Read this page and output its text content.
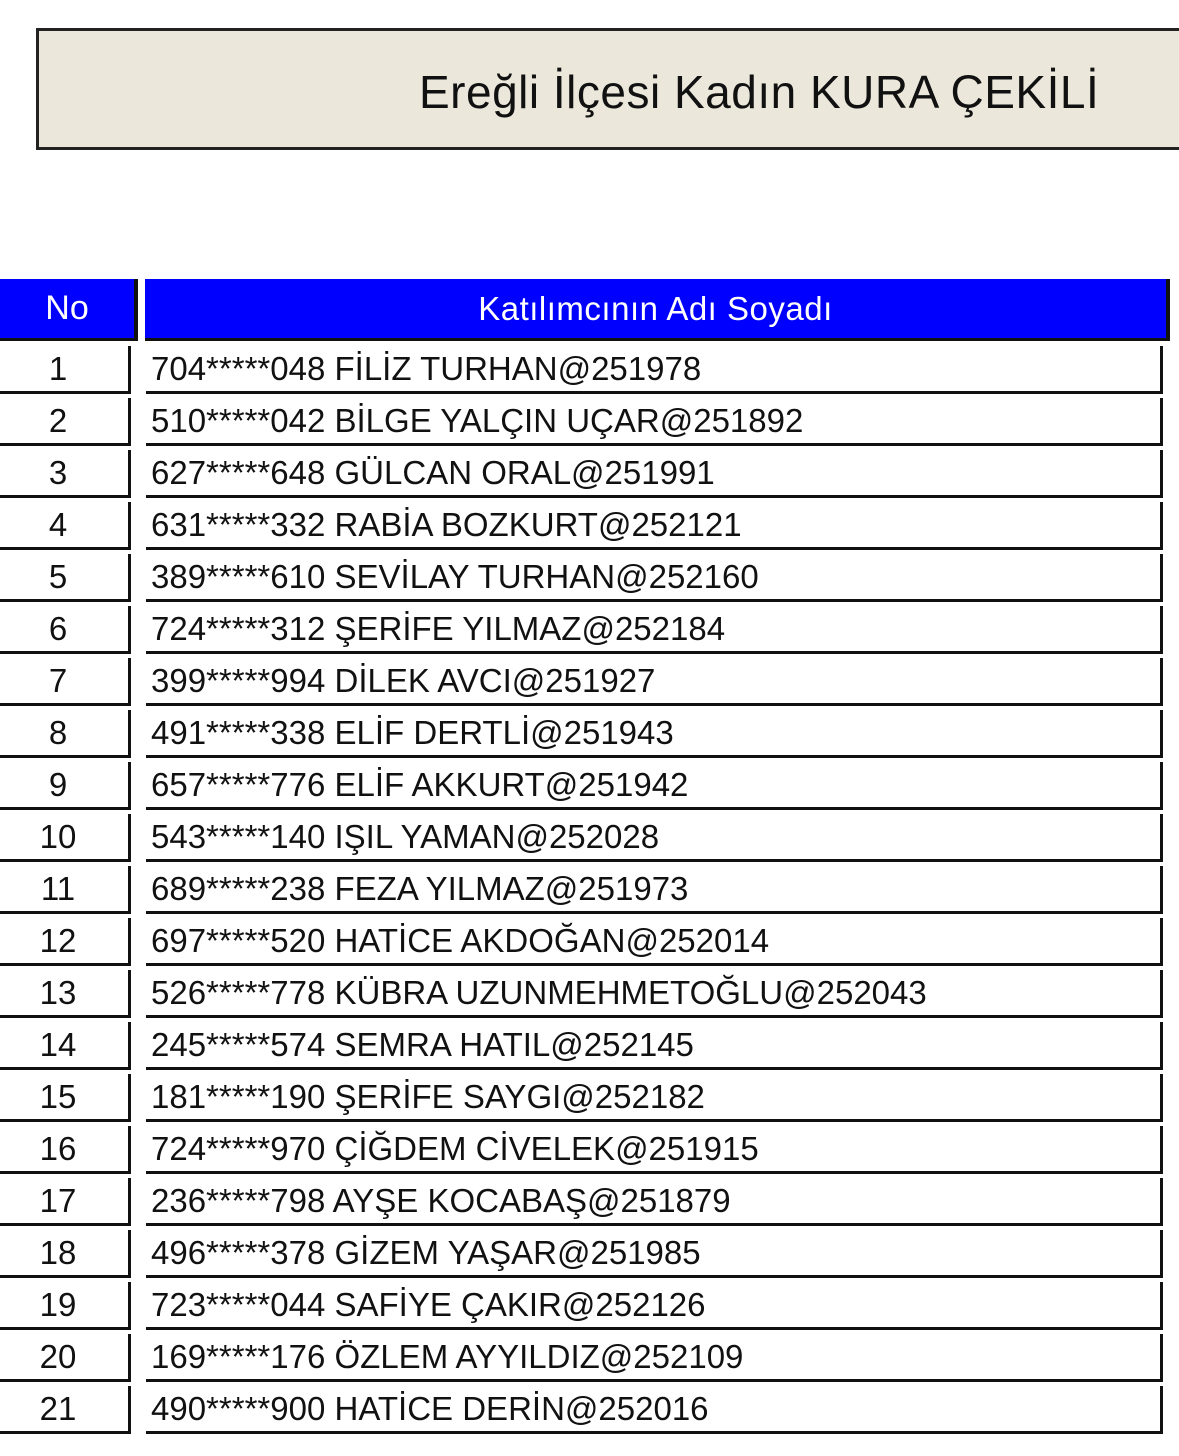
Ereğli İlçesi Kadın KURA ÇEKİLİ
No	Katılımcının Adı Soyadı
1	704*****048 FİLİZ TURHAN@251978
2	510*****042 BİLGE YALÇIN UÇAR@251892
3	627*****648 GÜLCAN ORAL@251991
4	631*****332 RABİA BOZKURT@252121
5	389*****610 SEVİLAY TURHAN@252160
6	724*****312 ŞERİFE YILMAZ@252184
7	399*****994 DİLEK AVCI@251927
8	491*****338 ELİF DERTLİ@251943
9	657*****776 ELİF AKKURT@251942
10	543*****140 IŞIL YAMAN@252028
11	689*****238 FEZA YILMAZ@251973
12	697*****520 HATİCE AKDOĞAN@252014
13	526*****778 KÜBRA UZUNMEHMETOĞLU@252043
14	245*****574 SEMRA HATIL@252145
15	181*****190 ŞERİFE SAYGI@252182
16	724*****970 ÇİĞDEM CİVELEK@251915
17	236*****798 AYŞE KOCABAŞ@251879
18	496*****378 GİZEM YAŞAR@251985
19	723*****044 SAFİYE ÇAKIR@252126
20	169*****176 ÖZLEM AYYILDIZ@252109
21	490*****900 HATİCE DERİN@252016
